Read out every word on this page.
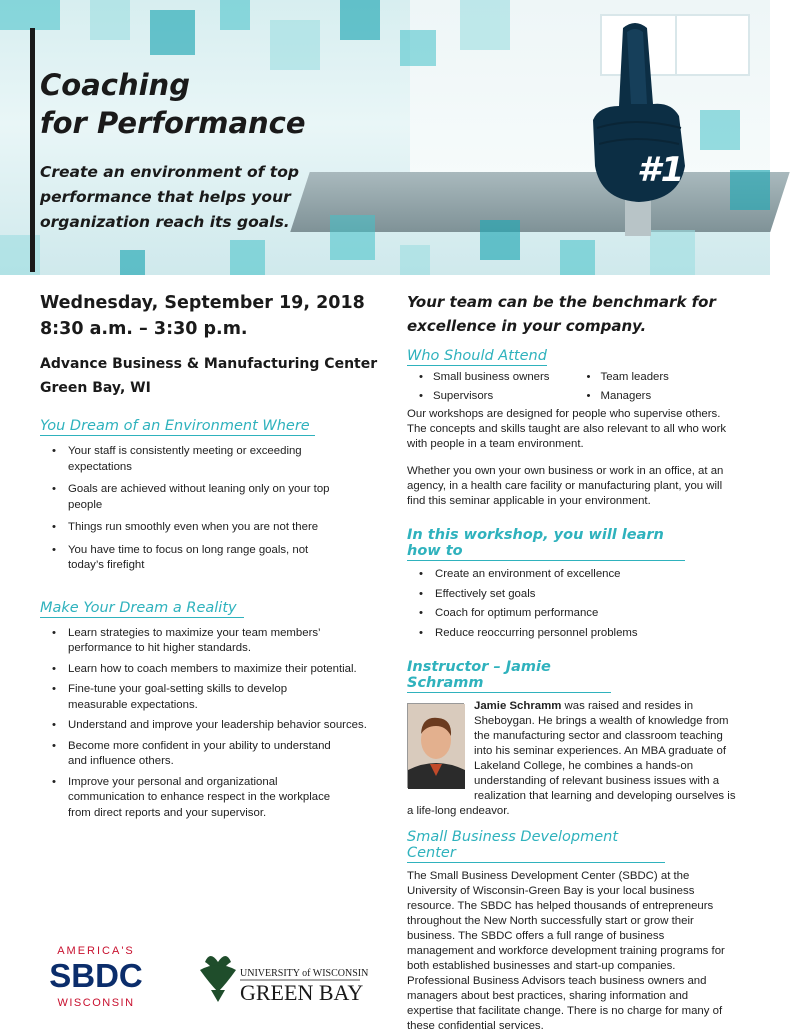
#1
Coaching
for Performance
Create an environment of top performance that helps your organization reach its goals.
Wednesday, September 19, 2018
8:30 a.m. – 3:30 p.m.
Advance Business & Manufacturing Center
Green Bay, WI
You Dream of an Environment Where
• Your staff is consistently meeting or exceeding expectations
• Goals are achieved without leaning only on your top people
• Things run smoothly even when you are not there
• You have time to focus on long range goals, not today’s firefight
Make Your Dream a Reality
• Learn strategies to maximize your team members’ performance to hit higher standards.
• Learn how to coach members to maximize their potential.
• Fine-tune your goal-setting skills to develop measurable expectations.
• Understand and improve your leadership behavior sources.
• Become more confident in your ability to understand and influence others.
• Improve your personal and organizational communication to enhance respect in the workplace from direct reports and your supervisor.
Your team can be the benchmark for excellence in your company.
Who Should Attend
• Small business owners	• Team leaders
• Supervisors	• Managers

Our workshops are designed for people who supervise others. The concepts and skills taught are also relevant to all who work with people in a team environment.

Whether you own your own business or work in an office, at an agency, in a health care facility or manufacturing plant, you will find this seminar applicable in your environment.

In this workshop, you will learn how to
• Create an environment of excellence
• Effectively set goals
• Coach for optimum performance
• Reduce reoccurring personnel problems
Instructor – Jamie Schramm

Jamie Schramm was raised and resides in Sheboygan. He brings a wealth of knowledge from the manufacturing sector and classroom teaching into his seminar experiences. An MBA graduate of Lakeland College, he combines a hands-on understanding of relevant business issues with a realization that learning and developing ourselves is a life-long endeavor.

Small Business Development Center

The Small Business Development Center (SBDC) at the University of Wisconsin-Green Bay is your local business resource. The SBDC has helped thousands of entrepreneurs throughout the New North successfully start or grow their business. The SBDC offers a full range of business management and workforce development training programs for both established businesses and start-up companies. Professional Business Advisors teach business owners and managers about best practices, sharing information and expertise that facilitate change. There is no charge for many of these confidential services.

AMERICA'S
SBDC
WISCONSIN
UNIVERSITY of WISCONSIN
GREEN BAY
